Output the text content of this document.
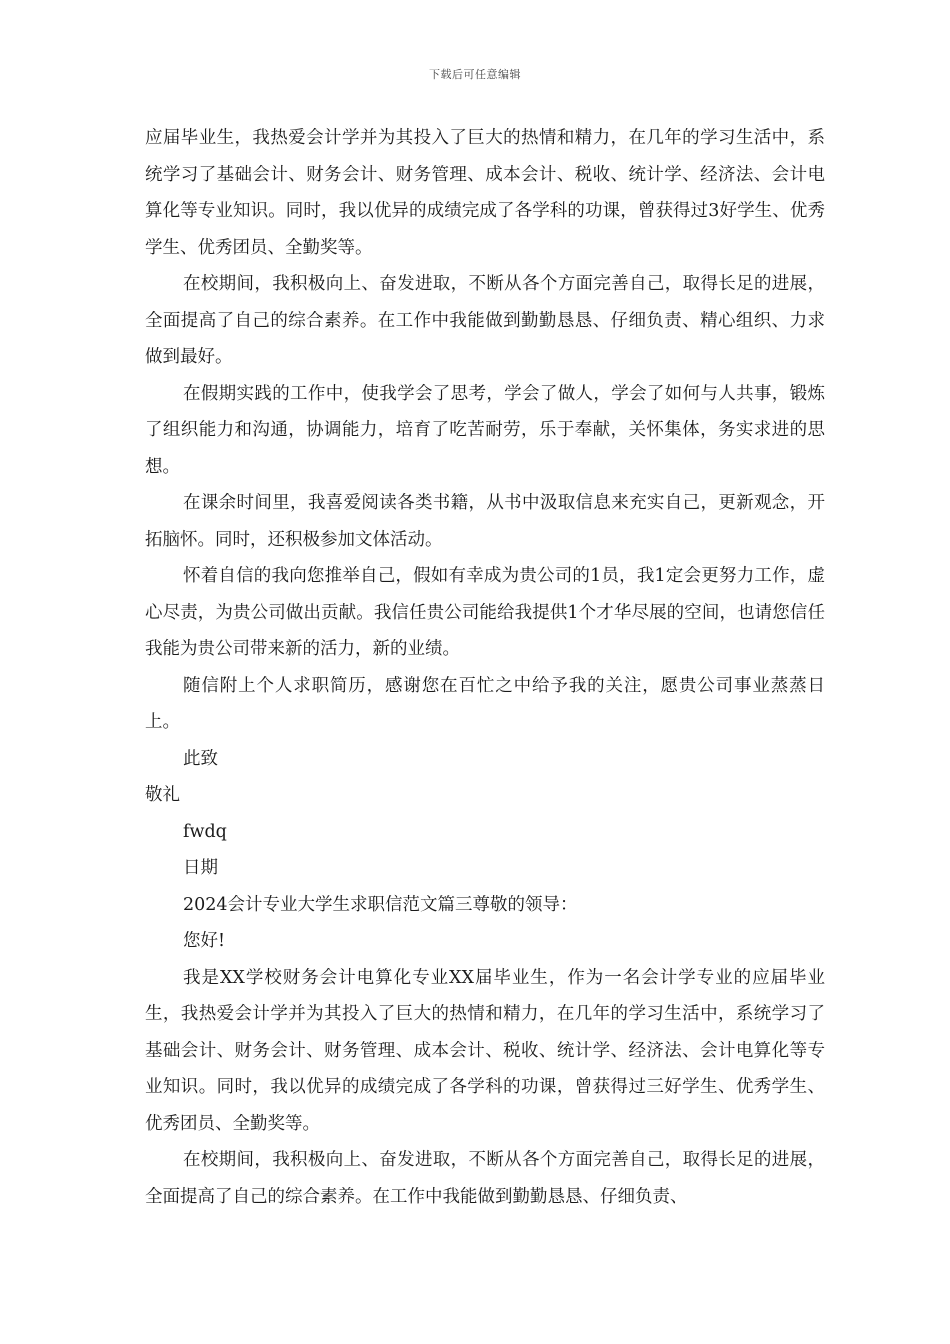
下载后可任意编辑

应届毕业生，我热爱会计学并为其投入了巨大的热情和精力，在几年的学习生活中，系统学习了基础会计、财务会计、财务管理、成本会计、税收、统计学、经济法、会计电算化等专业知识。同时，我以优异的成绩完成了各学科的功课，曾获得过3好学生、优秀学生、优秀团员、全勤奖等。

在校期间，我积极向上、奋发进取，不断从各个方面完善自己，取得长足的进展，全面提高了自己的综合素养。在工作中我能做到勤勤恳恳、仔细负责、精心组织、力求做到最好。

在假期实践的工作中，使我学会了思考，学会了做人，学会了如何与人共事，锻炼了组织能力和沟通，协调能力，培育了吃苦耐劳，乐于奉献，关怀集体，务实求进的思想。

在课余时间里，我喜爱阅读各类书籍，从书中汲取信息来充实自己，更新观念，开拓脑怀。同时，还积极参加文体活动。

怀着自信的我向您推举自己，假如有幸成为贵公司的1员，我1定会更努力工作，虚心尽责，为贵公司做出贡献。我信任贵公司能给我提供1个才华尽展的空间，也请您信任我能为贵公司带来新的活力，新的业绩。

随信附上个人求职简历，感谢您在百忙之中给予我的关注，愿贵公司事业蒸蒸日上。

此致

敬礼

fwdq

日期

2024会计专业大学生求职信范文篇三尊敬的领导：

您好!

我是XX学校财务会计电算化专业XX届毕业生，作为一名会计学专业的应届毕业生，我热爱会计学并为其投入了巨大的热情和精力，在几年的学习生活中，系统学习了基础会计、财务会计、财务管理、成本会计、税收、统计学、经济法、会计电算化等专业知识。同时，我以优异的成绩完成了各学科的功课，曾获得过三好学生、优秀学生、优秀团员、全勤奖等。

在校期间，我积极向上、奋发进取，不断从各个方面完善自己，取得长足的进展，全面提高了自己的综合素养。在工作中我能做到勤勤恳恳、仔细负责、
